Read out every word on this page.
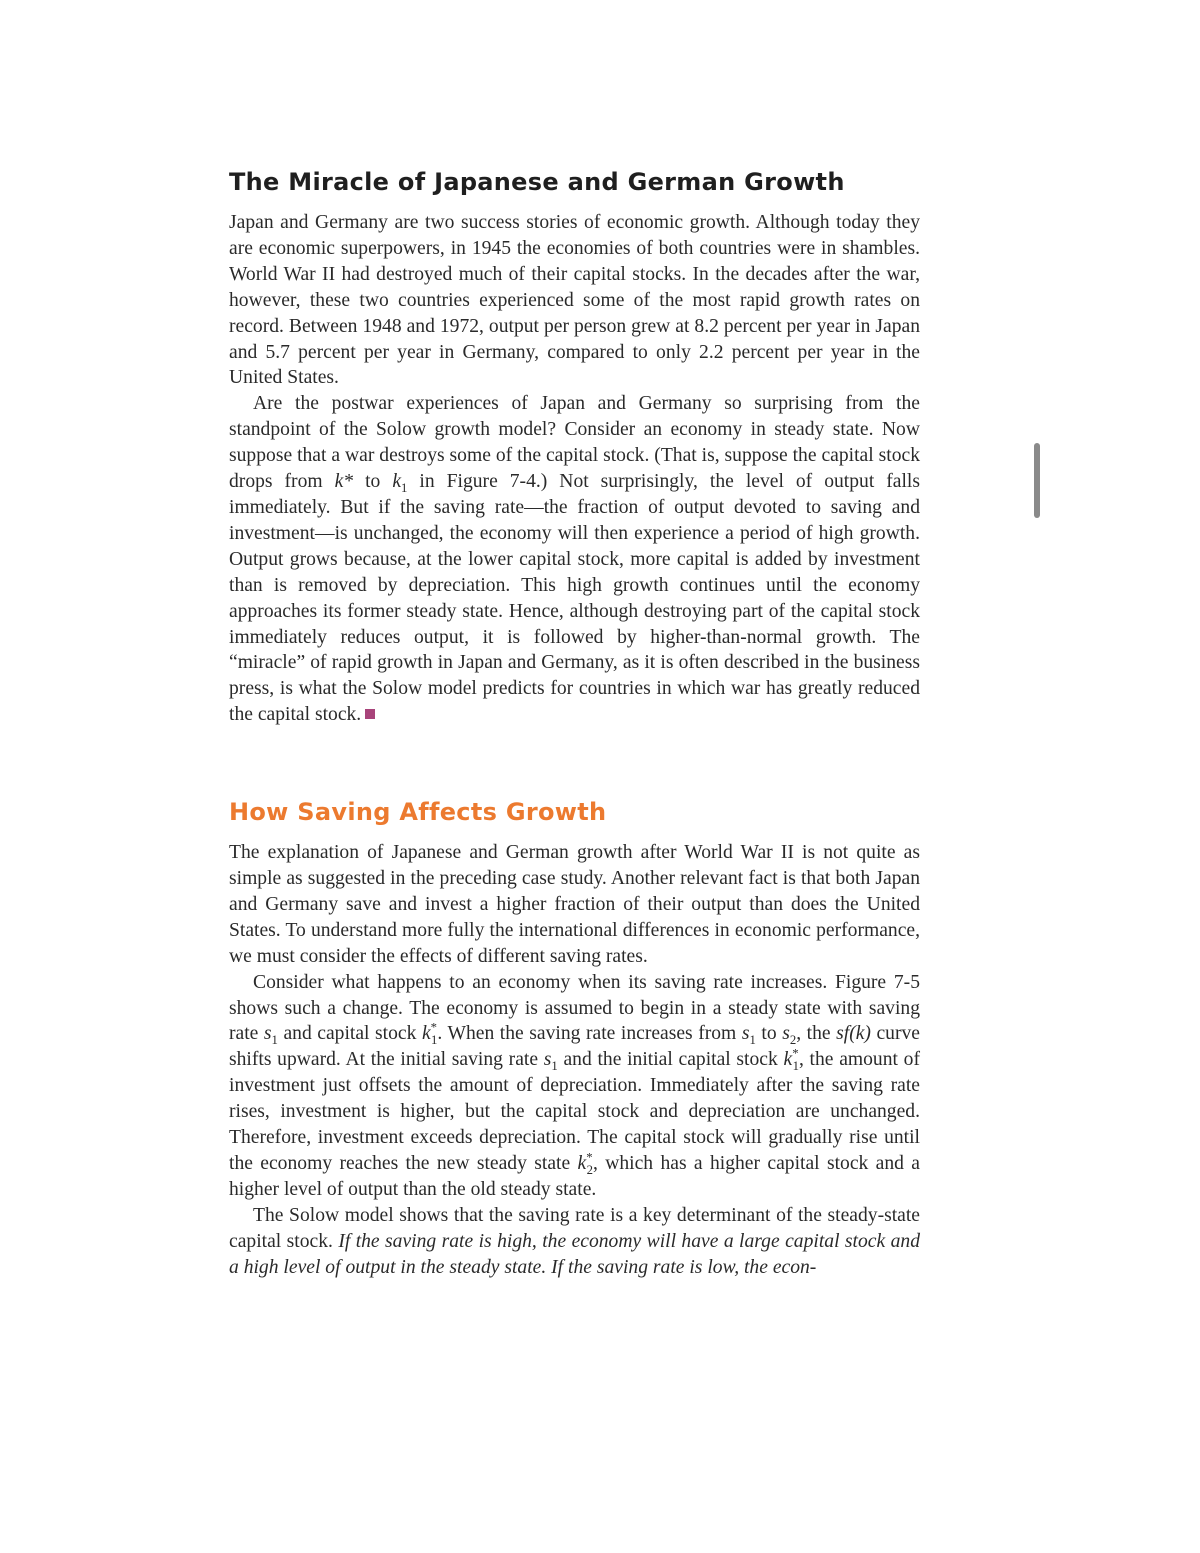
The Miracle of Japanese and German Growth

Japan and Germany are two success stories of economic growth. Although today they are economic superpowers, in 1945 the economies of both countries were in shambles. World War II had destroyed much of their capital stocks. In the decades after the war, however, these two countries experienced some of the most rapid growth rates on record. Between 1948 and 1972, output per person grew at 8.2 percent per year in Japan and 5.7 percent per year in Germany, compared to only 2.2 percent per year in the United States.

Are the postwar experiences of Japan and Germany so surprising from the standpoint of the Solow growth model? Consider an economy in steady state. Now suppose that a war destroys some of the capital stock. (That is, suppose the capital stock drops from k* to $k_1$ in Figure 7-4.) Not surprisingly, the level of output falls immediately. But if the saving rate—the fraction of output devoted to saving and investment—is unchanged, the economy will then experience a period of high growth. Output grows because, at the lower capital stock, more capital is added by investment than is removed by depreciation. This high growth continues until the economy approaches its former steady state. Hence, although destroying part of the capital stock immediately reduces output, it is followed by higher-than-normal growth. The “miracle” of rapid growth in Japan and Germany, as it is often described in the business press, is what the Solow model predicts for countries in which war has greatly reduced the capital stock.

How Saving Affects Growth

The explanation of Japanese and German growth after World War II is not quite as simple as suggested in the preceding case study. Another relevant fact is that both Japan and Germany save and invest a higher fraction of their output than does the United States. To understand more fully the international differences in economic performance, we must consider the effects of different saving rates.

Consider what happens to an economy when its saving rate increases. Figure 7-5 shows such a change. The economy is assumed to begin in a steady state with saving rate $s_1$ and capital stock $k^*_1$. When the saving rate increases from $s_1$ to $s_2$, the sf(k) curve shifts upward. At the initial saving rate $s_1$ and the initial capital stock $k^*_1$, the amount of investment just offsets the amount of depreciation. Immediately after the saving rate rises, investment is higher, but the capital stock and depreciation are unchanged. Therefore, investment exceeds depreciation. The capital stock will gradually rise until the economy reaches the new steady state $k^*_2$, which has a higher capital stock and a higher level of output than the old steady state.

The Solow model shows that the saving rate is a key determinant of the steady-state capital stock. If the saving rate is high, the economy will have a large capital stock and a high level of output in the steady state. If the saving rate is low, the econ-
